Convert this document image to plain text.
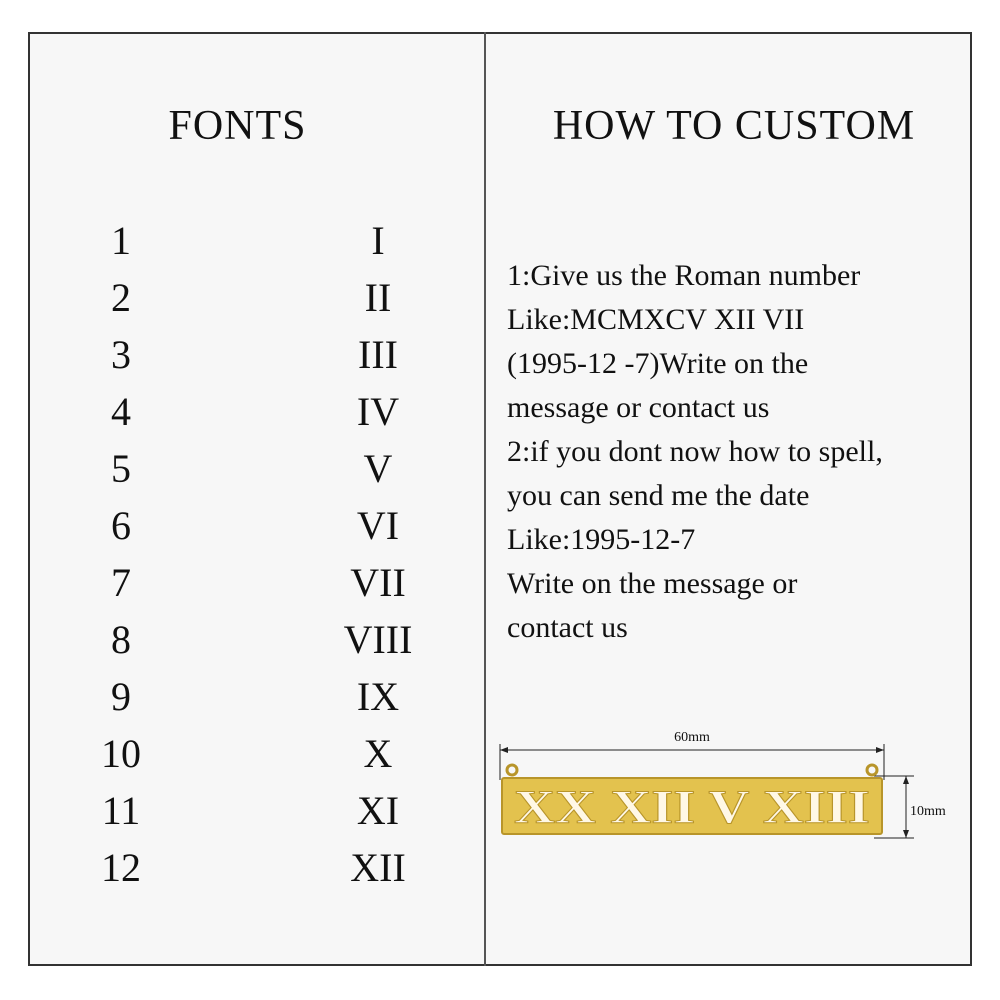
FONTS	HOW TO CUSTOM
1
2
3
4
5
6
7
8
9
10
11
12
I
II
III
IV
V
VI
VII
VIII
IX
X
XI
XII
1:Give us the Roman number
Like:MCMXCV XII VII
(1995-12 -7)Write on the
message or contact us
2:if you dont now how to spell,
you can send me the date
Like:1995-12-7
Write on the message or
contact us
60mm
10mm
XX XII V XIII
